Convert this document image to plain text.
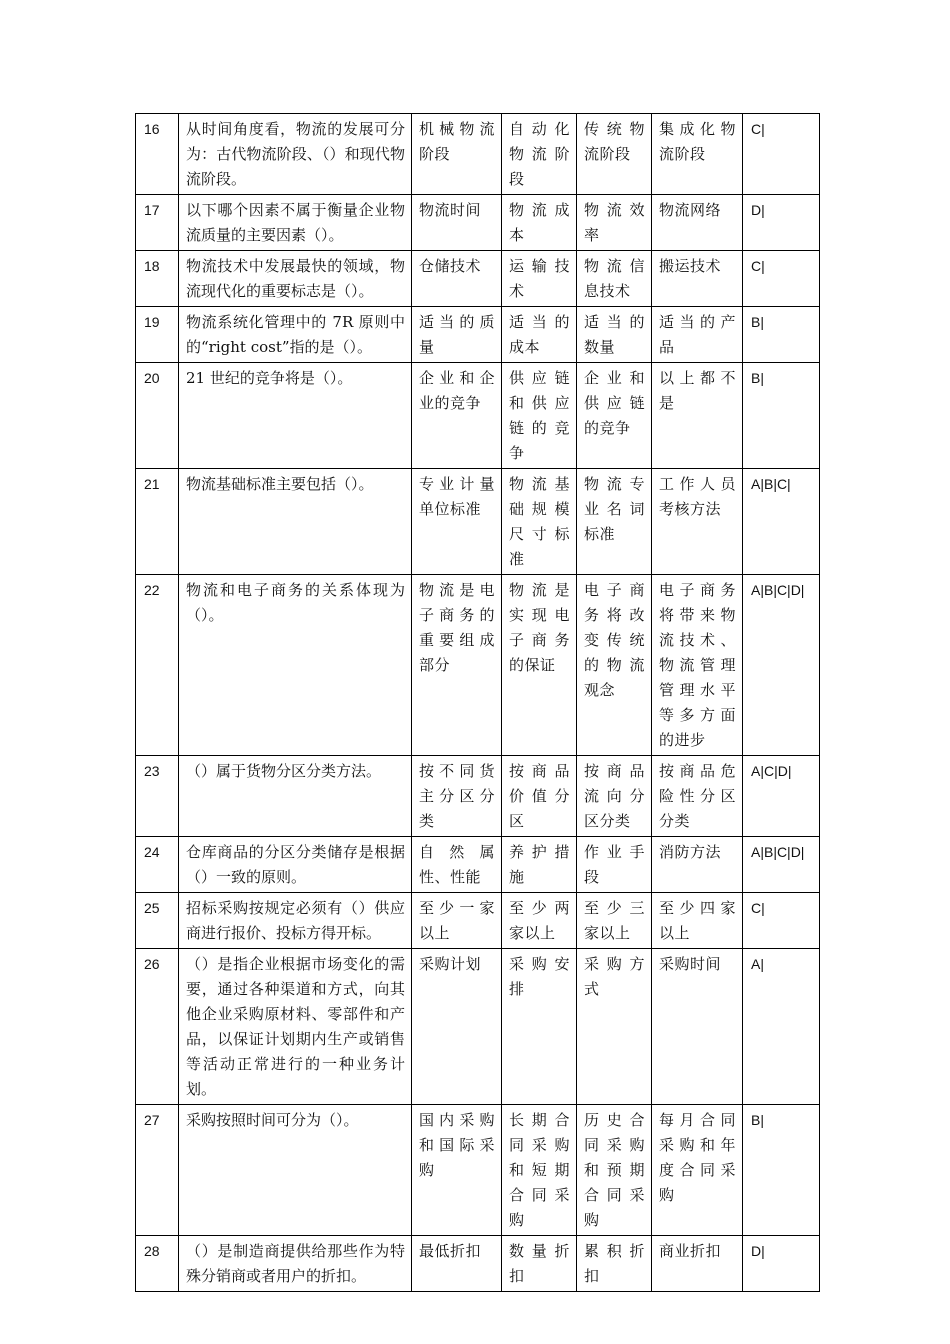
16	从时间角度看，物流的发展可分为：古代物流阶段、（）和现代物流阶段。	机械物流阶段	自动化物流阶段	传统物流阶段	集成化物流阶段	C|
17	以下哪个因素不属于衡量企业物流质量的主要因素（）。	物流时间	物流成本	物流效率	物流网络	D|
18	物流技术中发展最快的领域，物流现代化的重要标志是（）。	仓储技术	运输技术	物流信息技术	搬运技术	C|
19	物流系统化管理中的 7R 原则中的“right cost”指的是（）。	适当的质量	适当的成本	适当的数量	适当的产品	B|
20	21 世纪的竞争将是（）。	企业和企业的竞争	供应链和供应链的竞争	企业和供应链的竞争	以上都不是	B|
21	物流基础标准主要包括（）。	专业计量单位标准	物流基础规模尺寸标准	物流专业名词标准	工作人员考核方法	A|B|C|
22	物流和电子商务的关系体现为（）。	物流是电子商务的重要组成部分	物流是实现电子商务的保证	电子商务将改变传统的物流观念	电子商务将带来物流技术、物流管理管理水平等多方面的进步	A|B|C|D|
23	（）属于货物分区分类方法。	按不同货主分区分类	按商品价值分区	按商品流向分区分类	按商品危险性分区分类	A|C|D|
24	仓库商品的分区分类储存是根据（）一致的原则。	自然属性、性能	养护措施	作业手段	消防方法	A|B|C|D|
25	招标采购按规定必须有（）供应商进行报价、投标方得开标。	至少一家以上	至少两家以上	至少三家以上	至少四家以上	C|
26	（）是指企业根据市场变化的需要，通过各种渠道和方式，向其他企业采购原材料、零部件和产品，以保证计划期内生产或销售等活动正常进行的一种业务计划。	采购计划	采购安排	采购方式	采购时间	A|
27	采购按照时间可分为（）。	国内采购和国际采购	长期合同采购和短期合同采购	历史合同采购和预期合同采购	每月合同采购和年度合同采购	B|
28	（）是制造商提供给那些作为特殊分销商或者用户的折扣。	最低折扣	数量折扣	累积折扣	商业折扣	D|
